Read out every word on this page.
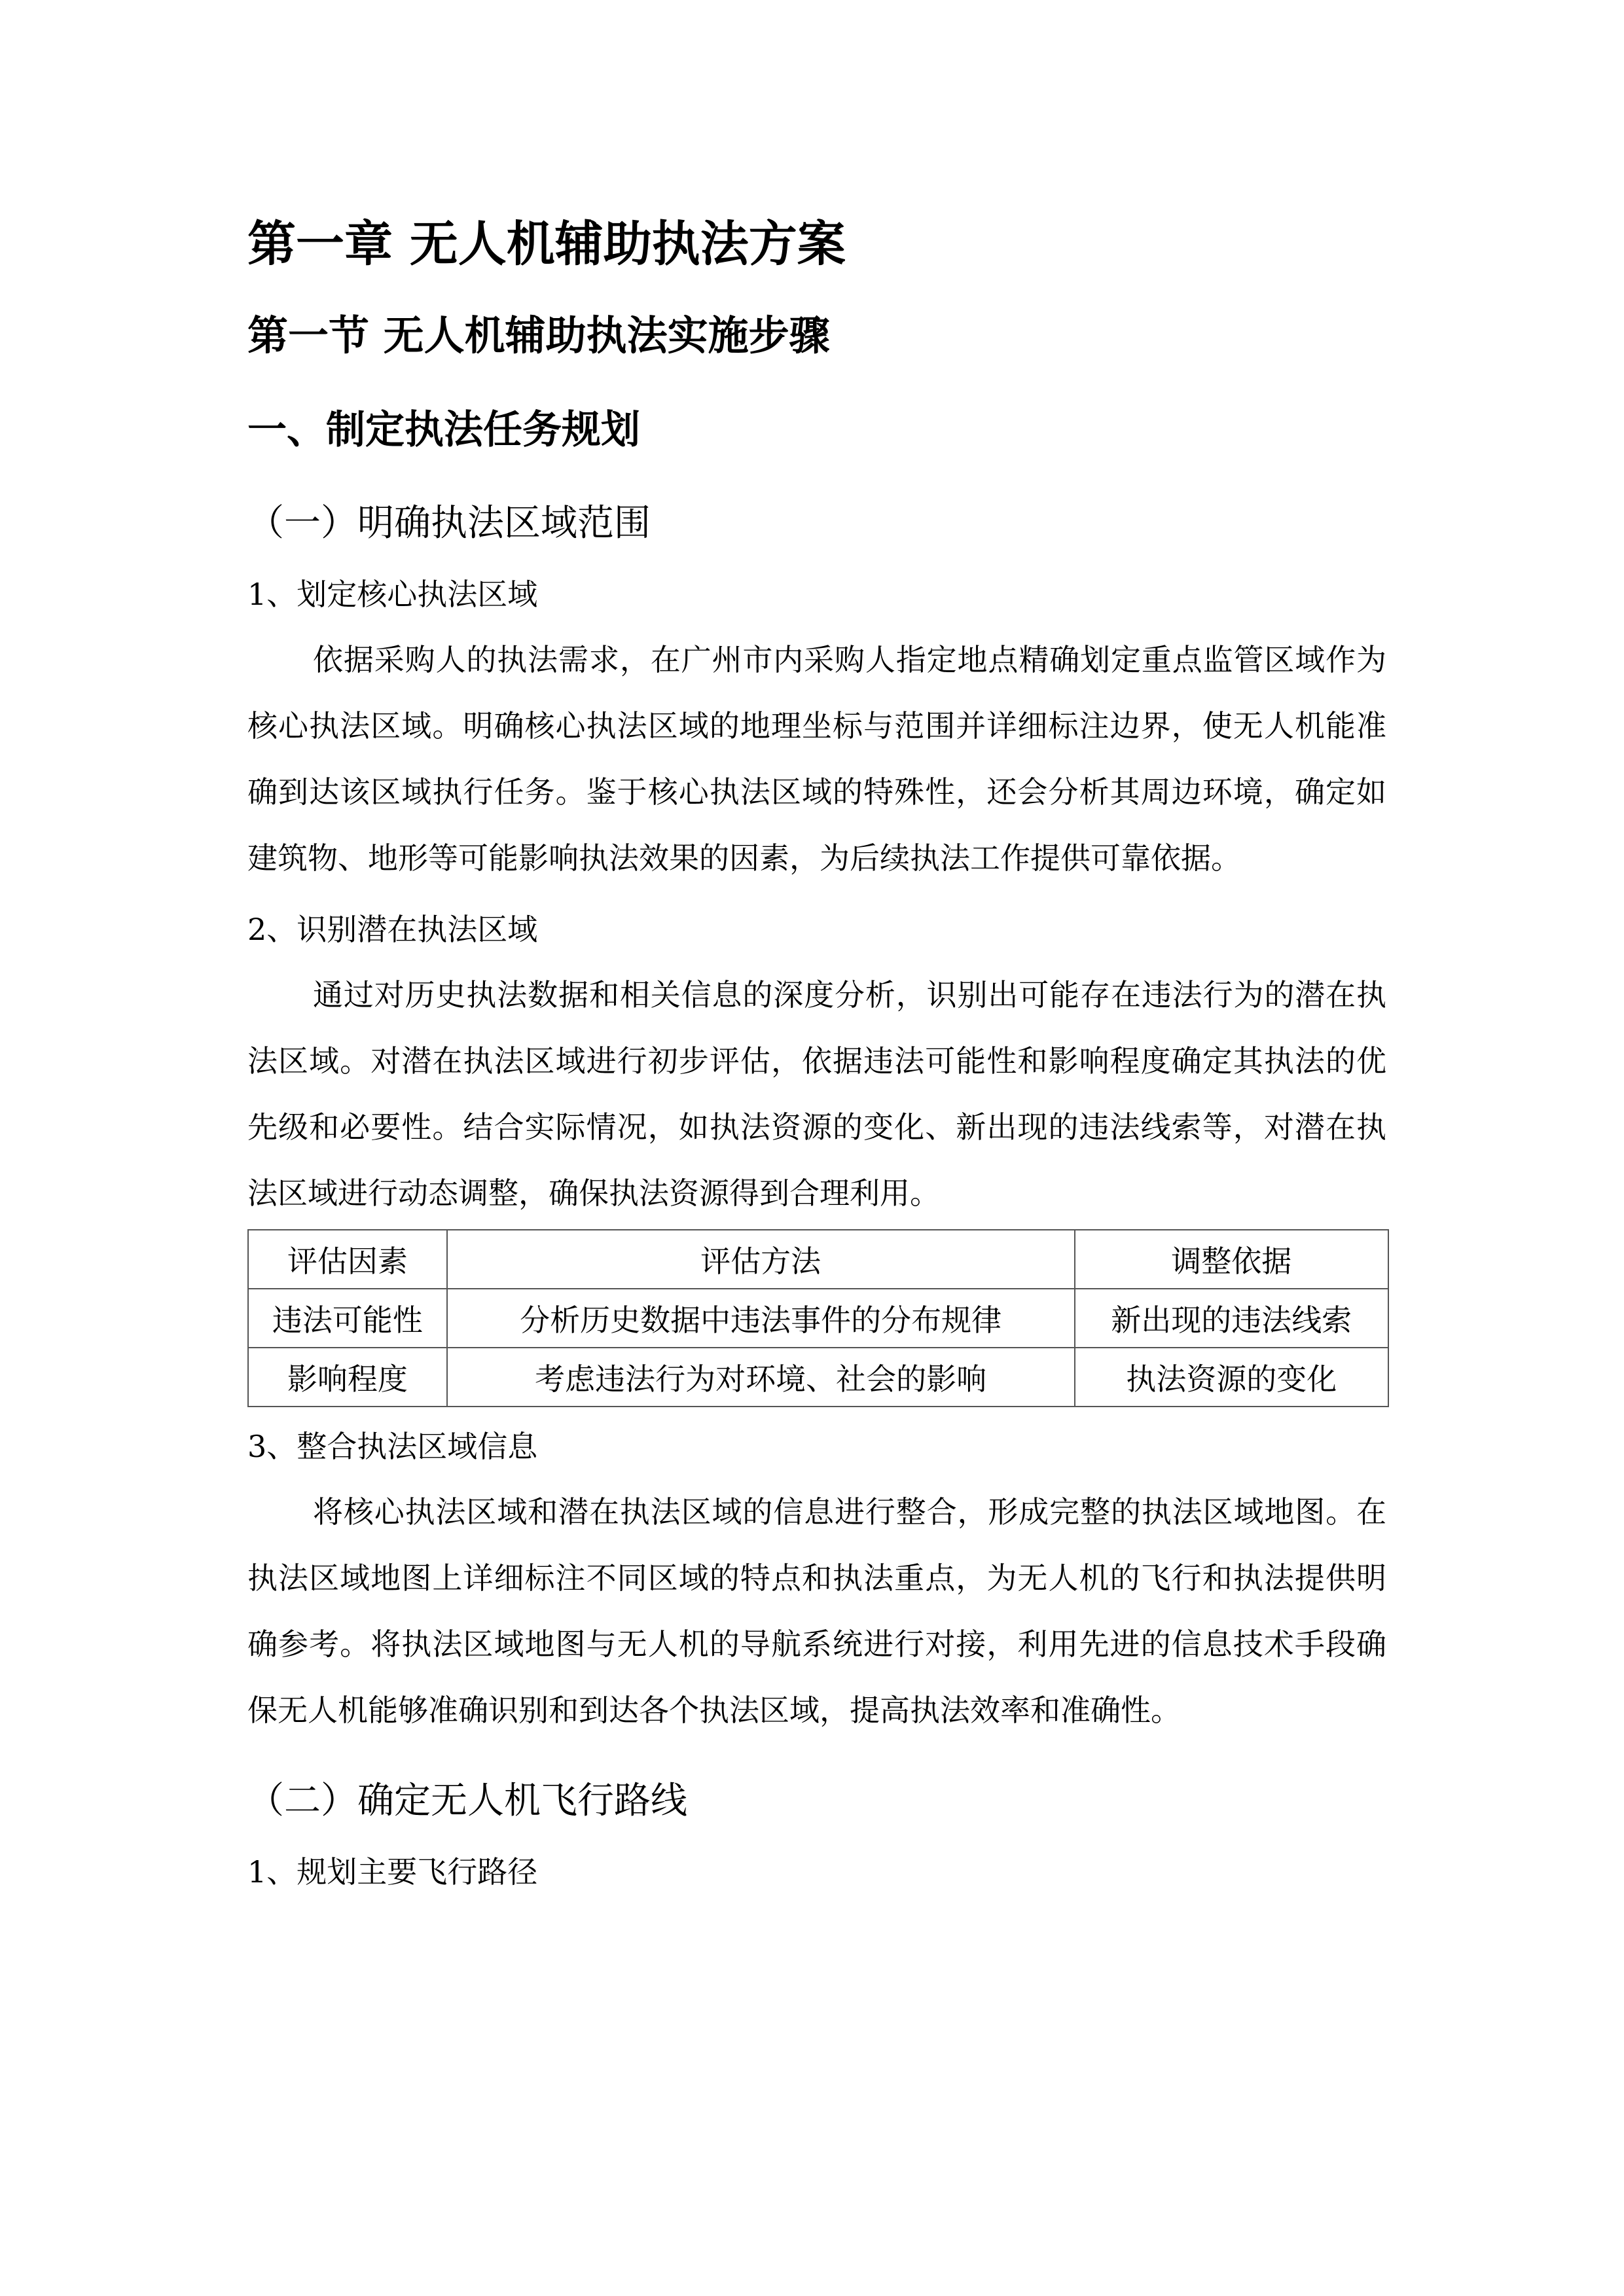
第一章 无人机辅助执法方案
第一节 无人机辅助执法实施步骤
一、制定执法任务规划
（一）明确执法区域范围
1、划定核心执法区域

依据采购人的执法需求，在广州市内采购人指定地点精确划定重点监管区域作为核心执法区域。明确核心执法区域的地理坐标与范围并详细标注边界，使无人机能准确到达该区域执行任务。鉴于核心执法区域的特殊性，还会分析其周边环境，确定如建筑物、地形等可能影响执法效果的因素，为后续执法工作提供可靠依据。

2、识别潜在执法区域

通过对历史执法数据和相关信息的深度分析，识别出可能存在违法行为的潜在执法区域。对潜在执法区域进行初步评估，依据违法可能性和影响程度确定其执法的优先级和必要性。结合实际情况，如执法资源的变化、新出现的违法线索等，对潜在执法区域进行动态调整，确保执法资源得到合理利用。

评估因素	评估方法	调整依据
违法可能性	分析历史数据中违法事件的分布规律	新出现的违法线索
影响程度	考虑违法行为对环境、社会的影响	执法资源的变化
3、整合执法区域信息

将核心执法区域和潜在执法区域的信息进行整合，形成完整的执法区域地图。在执法区域地图上详细标注不同区域的特点和执法重点，为无人机的飞行和执法提供明确参考。将执法区域地图与无人机的导航系统进行对接，利用先进的信息技术手段确保无人机能够准确识别和到达各个执法区域，提高执法效率和准确性。

（二）确定无人机飞行路线
1、规划主要飞行路径
